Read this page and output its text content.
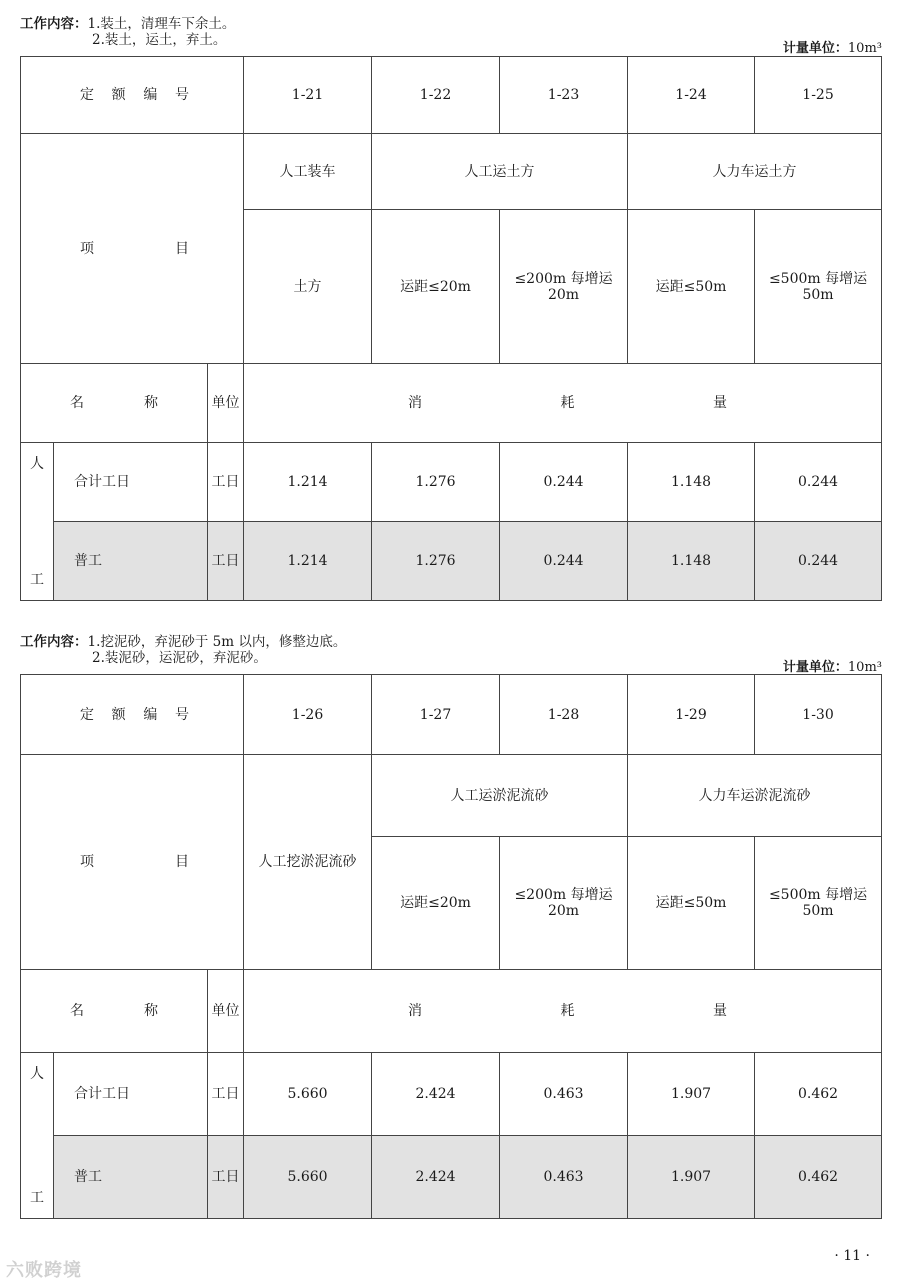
工作内容：1.装土，清理车下余土。
2.装土，运土，弃土。
计量单位：10m³
定 额 编 号			1-21	1-22	1-23	1-24	1-25

项 目			人工装车	人工运土方		人力车运土方	
			土方	运距≤20m	≤200m 每增运 20m	运距≤50m	≤500m 每增运 50m

名 称		单位	消 耗 量				

人
工	合计工日	工日	1.214	1.276	0.244	1.148	0.244
	普工	工日	1.214	1.276	0.244	1.148	0.244
工作内容：1.挖泥砂，弃泥砂于 5m 以内，修整边底。
2.装泥砂，运泥砂，弃泥砂。
计量单位：10m³
定 额 编 号			1-26	1-27	1-28	1-29	1-30

项 目			人工挖淤泥流砂	人工运淤泥流砂		人力车运淤泥流砂	
				运距≤20m	≤200m 每增运 20m	运距≤50m	≤500m 每增运 50m

名 称		单位	消 耗 量				

人
工	合计工日	工日	5.660	2.424	0.463	1.907	0.462
	普工	工日	5.660	2.424	0.463	1.907	0.462
· 11 ·
六败跨境
